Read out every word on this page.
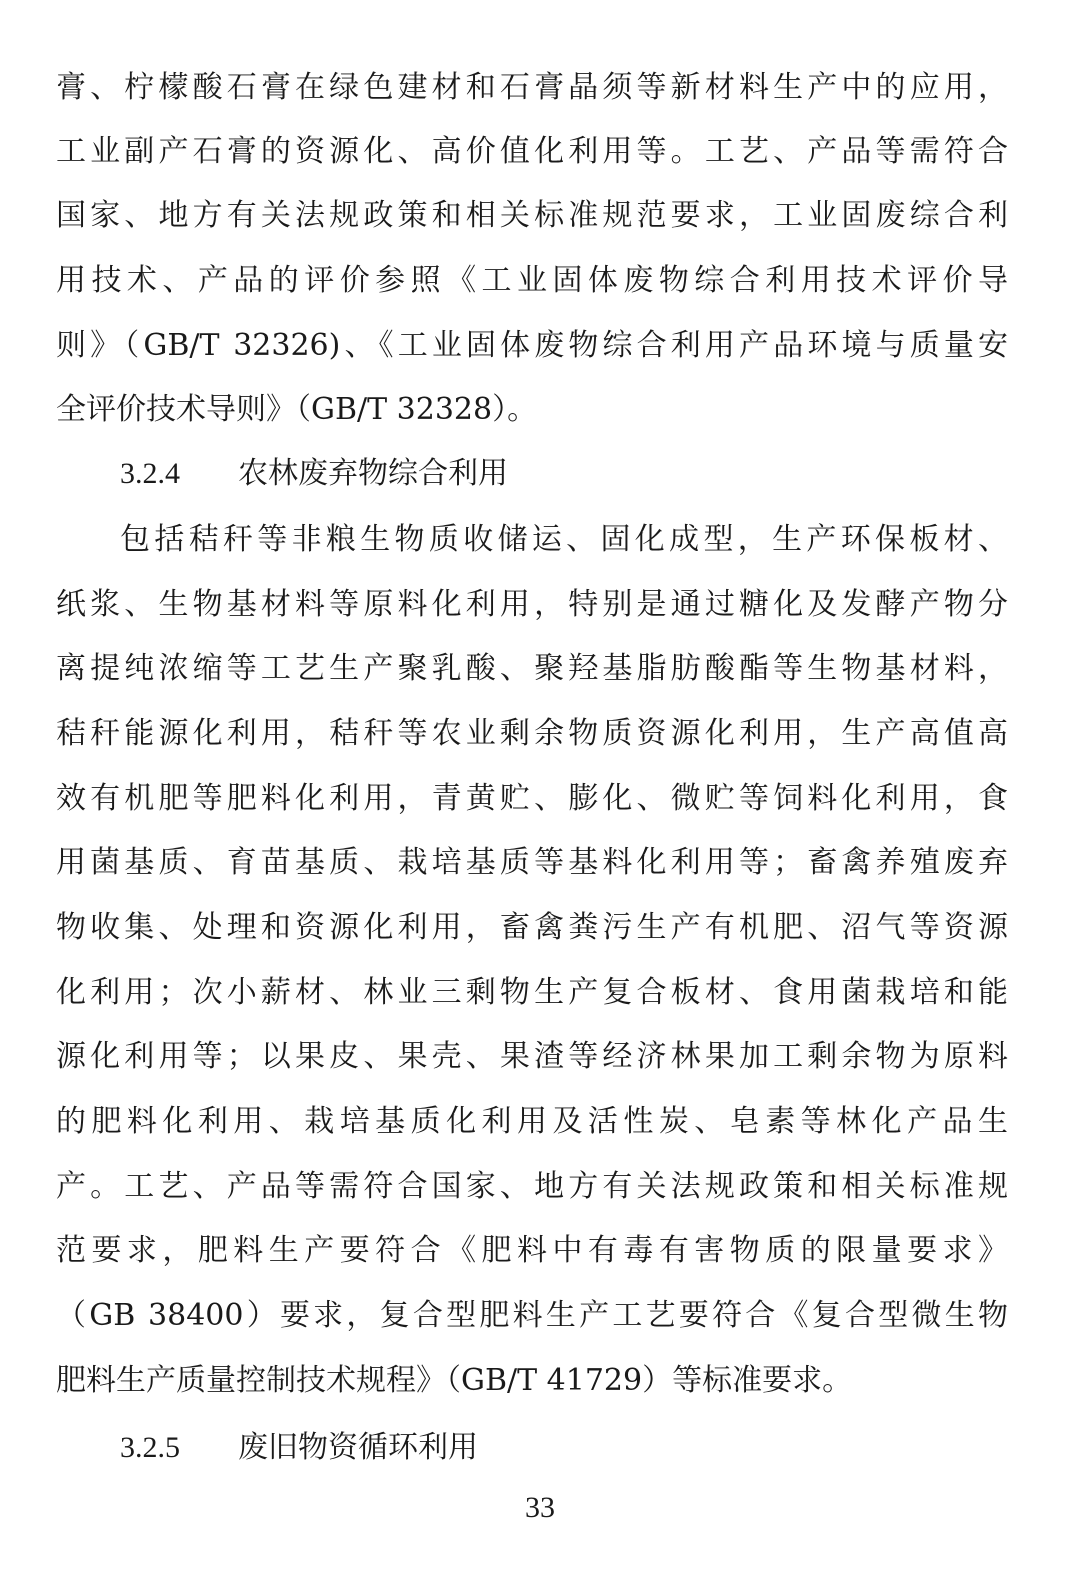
膏、柠檬酸石膏在绿色建材和石膏晶须等新材料生产中的应用，
工业副产石膏的资源化、高价值化利用等。工艺、产品等需符合
国家、地方有关法规政策和相关标准规范要求，工业固废综合利
用技术、产品的评价参照《工业固体废物综合利用技术评价导
则》（GB/T 32326)、《工业固体废物综合利用产品环境与质量安
全评价技术导则》（GB/T 32328）。
3.2.4 农林废弃物综合利用
包括秸秆等非粮生物质收储运、固化成型，生产环保板材、
纸浆、生物基材料等原料化利用，特别是通过糖化及发酵产物分
离提纯浓缩等工艺生产聚乳酸、聚羟基脂肪酸酯等生物基材料，
秸秆能源化利用，秸秆等农业剩余物质资源化利用，生产高值高
效有机肥等肥料化利用，青黄贮、膨化、微贮等饲料化利用，食
用菌基质、育苗基质、栽培基质等基料化利用等；畜禽养殖废弃
物收集、处理和资源化利用，畜禽粪污生产有机肥、沼气等资源
化利用；次小薪材、林业三剩物生产复合板材、食用菌栽培和能
源化利用等；以果皮、果壳、果渣等经济林果加工剩余物为原料
的肥料化利用、栽培基质化利用及活性炭、皂素等林化产品生
产。工艺、产品等需符合国家、地方有关法规政策和相关标准规
范要求，肥料生产要符合《肥料中有毒有害物质的限量要求》
（GB 38400）要求，复合型肥料生产工艺要符合《复合型微生物
肥料生产质量控制技术规程》（GB/T 41729）等标准要求。
3.2.5 废旧物资循环利用
33
